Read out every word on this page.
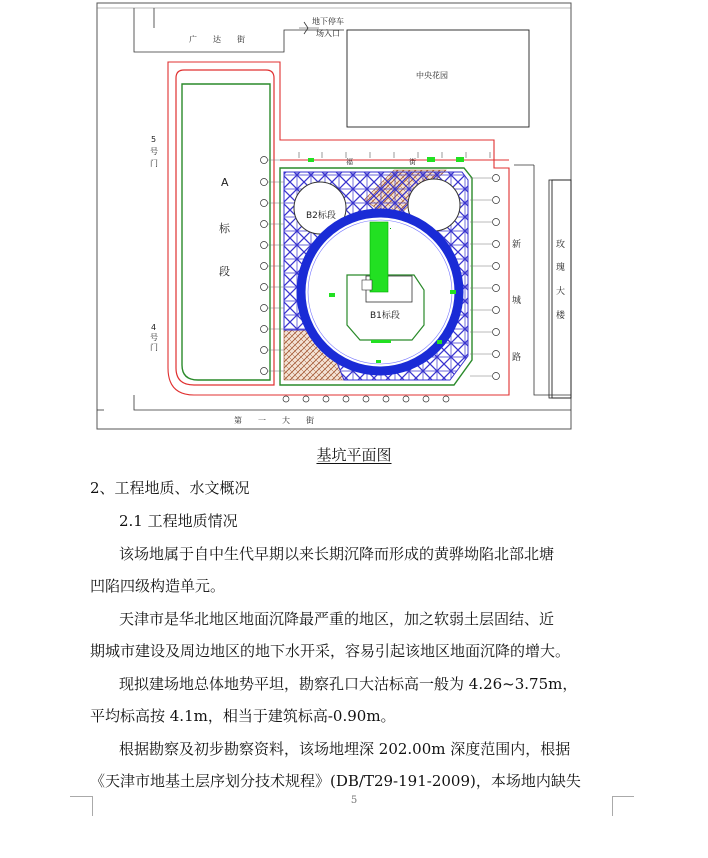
广　　达　　街
地下停车
场入口
中央花园
5
号
门
4
号
门
A
标
段
B2标段
B1标段
福　　　　　　　　街
新
城
路
玫
瑰
大
楼
第　　一　　大　　街
基坑平面图
2、工程地质、水文概况
2.1 工程地质情况
该场地属于自中生代早期以来长期沉降而形成的黄骅坳陷北部北塘
凹陷四级构造单元。
天津市是华北地区地面沉降最严重的地区，加之软弱土层固结、近
期城市建设及周边地区的地下水开采，容易引起该地区地面沉降的增大。
现拟建场地总体地势平坦，勘察孔口大沽标高一般为 4.26~3.75m，
平均标高按 4.1m，相当于建筑标高-0.90m。
根据勘察及初步勘察资料，该场地埋深 202.00m 深度范围内，根据
《天津市地基土层序划分技术规程》(DB/T29-191-2009)，本场地内缺失
5
